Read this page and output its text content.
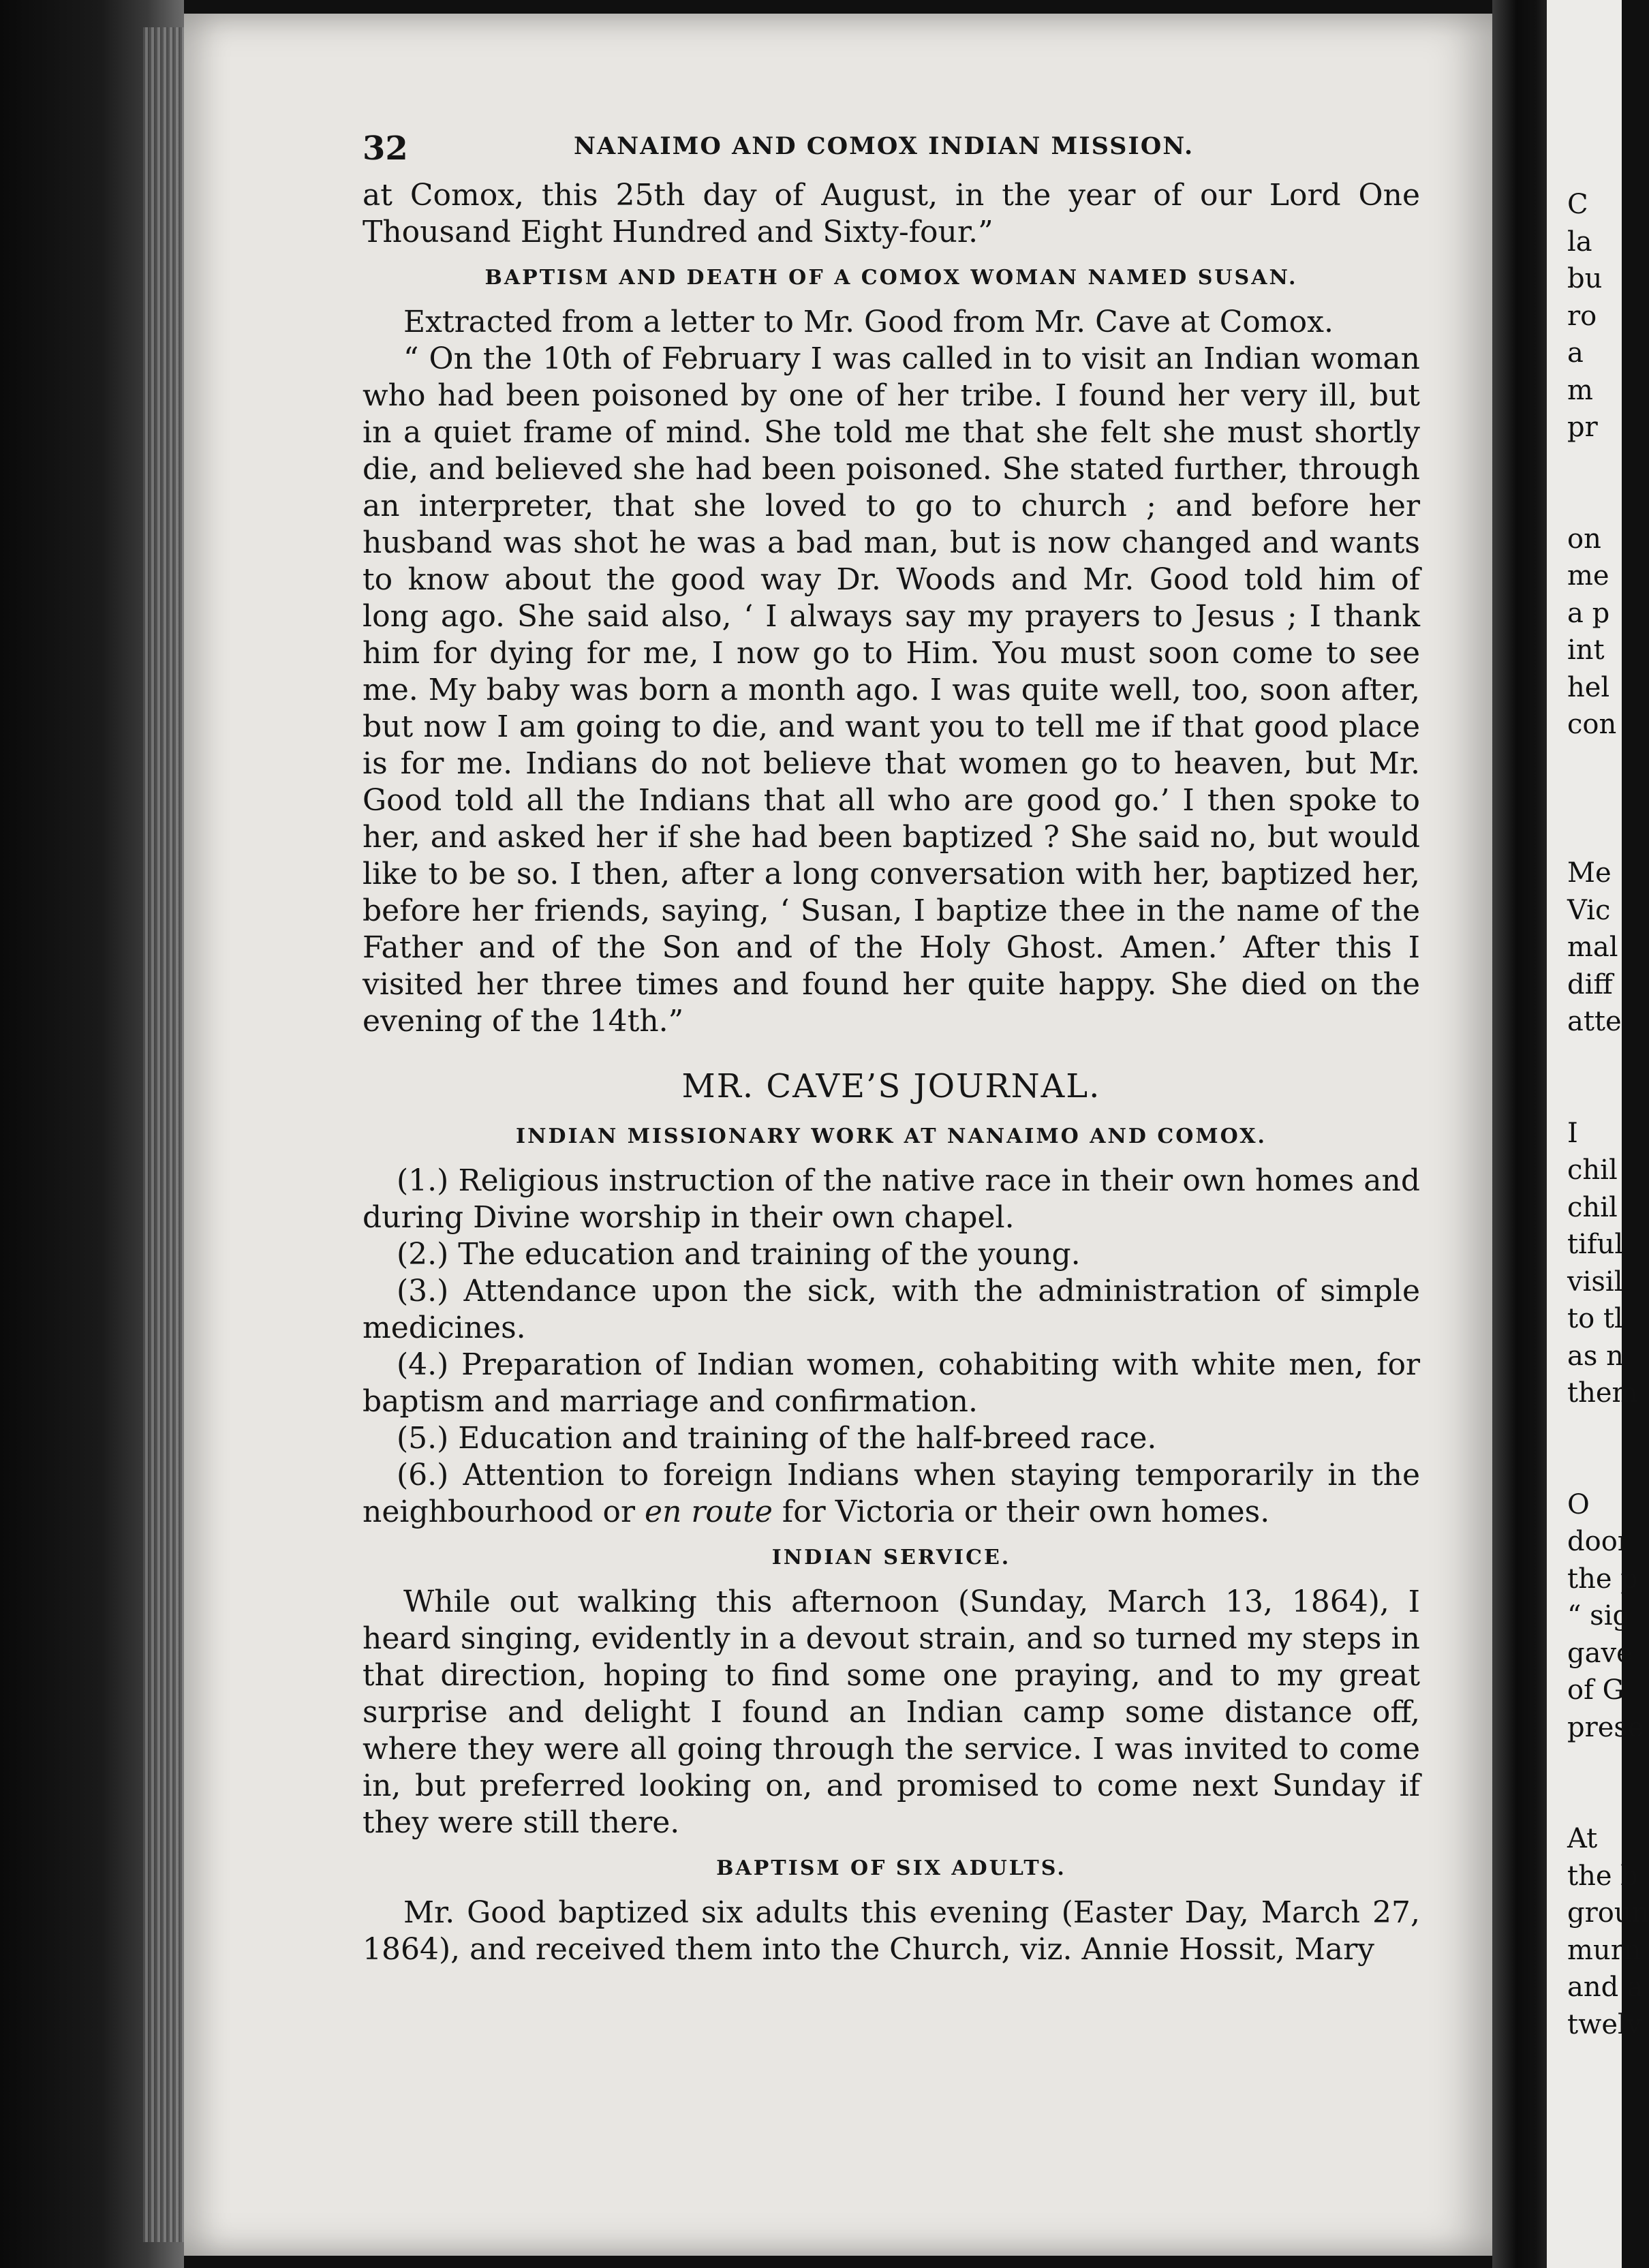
C
la
bu
ro
a
m
pr
on
me
a p
int
hel
con
Me
Vic
mal
diff
atte
I
chil
chil
tiful
visil
to tl
as n
them
O
door
the p
“ sig
gave
of G
prese
At
the b
groun
murn
and a
twelv
32	NANAIMO AND COMOX INDIAN MISSION.

at Comox, this 25th day of August, in the year of our Lord One Thousand Eight Hundred and Sixty-four.”

BAPTISM AND DEATH OF A COMOX WOMAN NAMED SUSAN.

Extracted from a letter to Mr. Good from Mr. Cave at Comox.

“ On the 10th of February I was called in to visit an Indian woman who had been poisoned by one of her tribe. I found her very ill, but in a quiet frame of mind. She told me that she felt she must shortly die, and believed she had been poisoned. She stated further, through an interpreter, that she loved to go to church ; and before her husband was shot he was a bad man, but is now changed and wants to know about the good way Dr. Woods and Mr. Good told him of long ago. She said also, ‘ I always say my prayers to Jesus ; I thank him for dying for me, I now go to Him. You must soon come to see me. My baby was born a month ago. I was quite well, too, soon after, but now I am going to die, and want you to tell me if that good place is for me. Indians do not believe that women go to heaven, but Mr. Good told all the Indians that all who are good go.’ I then spoke to her, and asked her if she had been baptized ? She said no, but would like to be so. I then, after a long conversation with her, baptized her, before her friends, saying, ‘ Susan, I baptize thee in the name of the Father and of the Son and of the Holy Ghost. Amen.’ After this I visited her three times and found her quite happy. She died on the evening of the 14th.”

MR. CAVE’S JOURNAL.
INDIAN MISSIONARY WORK AT NANAIMO AND COMOX.

(1.) Religious instruction of the native race in their own homes and during Divine worship in their own chapel.

(2.) The education and training of the young.

(3.) Attendance upon the sick, with the administration of simple medicines.

(4.) Preparation of Indian women, cohabiting with white men, for baptism and marriage and confirmation.

(5.) Education and training of the half-breed race.

(6.) Attention to foreign Indians when staying temporarily in the neighbourhood or en route for Victoria or their own homes.

INDIAN SERVICE.

While out walking this afternoon (Sunday, March 13, 1864), I heard singing, evidently in a devout strain, and so turned my steps in that direction, hoping to find some one praying, and to my great surprise and delight I found an Indian camp some distance off, where they were all going through the service. I was invited to come in, but preferred looking on, and promised to come next Sunday if they were still there.

BAPTISM OF SIX ADULTS.

Mr. Good baptized six adults this evening (Easter Day, March 27, 1864), and received them into the Church, viz. Annie Hossit, Mary
